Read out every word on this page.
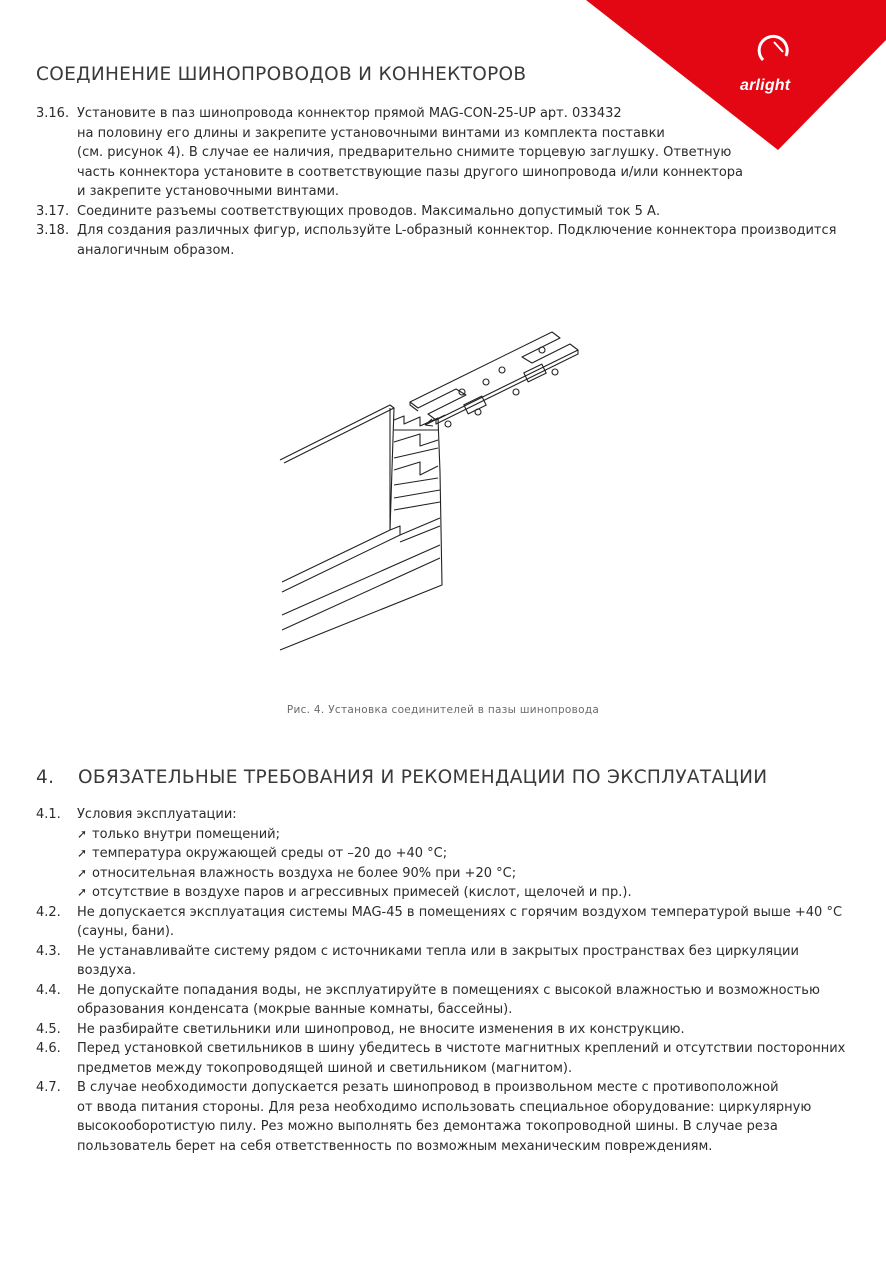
arlight
СОЕДИНЕНИЕ ШИНОПРОВОДОВ И КОННЕКТОРОВ
3.16. Установите в паз шинопровода коннектор прямой MAG-CON-25-UP арт. 033432
на половину его длины и закрепите установочными винтами из комплекта поставки
(см. рисунок 4). В случае ее наличия, предварительно снимите торцевую заглушку. Ответную
часть коннектора установите в соответствующие пазы другого шинопровода и/или коннектора
и закрепите установочными винтами.
3.17. Соедините разъемы соответствующих проводов. Максимально допустимый ток 5 А.
3.18. Для создания различных фигур, используйте L-образный коннектор. Подключение коннектора производится
аналогичным образом.
Рис. 4. Установка соединителей в пазы шинопровода
4. ОБЯЗАТЕЛЬНЫЕ ТРЕБОВАНИЯ И РЕКОМЕНДАЦИИ ПО ЭКСПЛУАТАЦИИ
4.1. Условия эксплуатации:
➚ только внутри помещений;
➚ температура окружающей среды от –20 до +40 °C;
➚ относительная влажность воздуха не более 90% при +20 °C;
➚ отсутствие в воздухе паров и агрессивных примесей (кислот, щелочей и пр.).
4.2. Не допускается эксплуатация системы MAG-45 в помещениях с горячим воздухом температурой выше +40 °C
(сауны, бани).
4.3. Не устанавливайте систему рядом с источниками тепла или в закрытых пространствах без циркуляции
воздуха.
4.4. Не допускайте попадания воды, не эксплуатируйте в помещениях с высокой влажностью и возможностью
образования конденсата (мокрые ванные комнаты, бассейны).
4.5. Не разбирайте светильники или шинопровод, не вносите изменения в их конструкцию.
4.6. Перед установкой светильников в шину убедитесь в чистоте магнитных креплений и отсутствии посторонних
предметов между токопроводящей шиной и светильником (магнитом).
4.7. В случае необходимости допускается резать шинопровод в произвольном месте с противоположной
от ввода питания стороны. Для реза необходимо использовать специальное оборудование: циркулярную
высокооборотистую пилу. Рез можно выполнять без демонтажа токопроводной шины. В случае реза
пользователь берет на себя ответственность по возможным механическим повреждениям.
